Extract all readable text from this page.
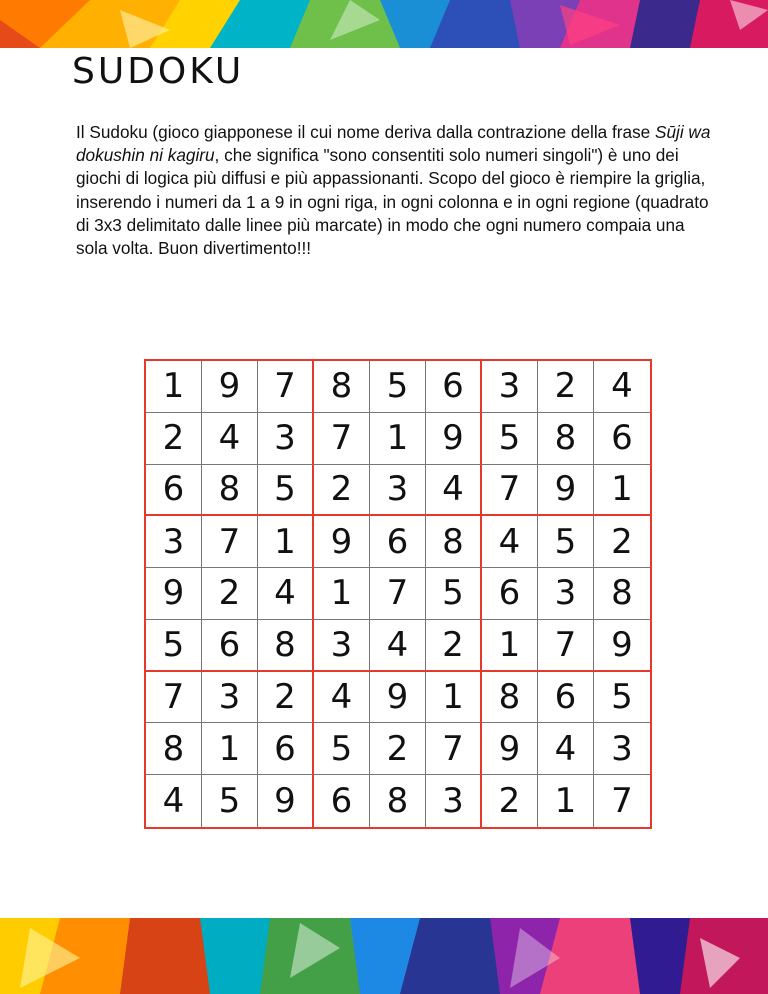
SUDOKU

Il Sudoku (gioco giapponese il cui nome deriva dalla contrazione della frase Sūji wa dokushin ni kagiru, che significa "sono consentiti solo numeri singoli") è uno dei giochi di logica più diffusi e più appassionanti. Scopo del gioco è riempire la griglia, inserendo i numeri da 1 a 9 in ogni riga, in ogni colonna e in ogni regione (quadrato di 3x3 delimitato dalle linee più marcate) in modo che ogni numero compaia una sola volta. Buon divertimento!!!

1	9 7	8	5 6	3	2	4
2	4 3	7	1 9	5	8	6
6	8 5	2	3 4	7	9	1
3	7 1	9	6 8	4	5	2
9	2 4	1	7 5	6	3	8
5	6 8	3	4 2	1	7	9
7	3 2	4	9 1	8	6	5
8	1 6	5	2 7	9	4	3
4	5 9	6	8 3	2	1	7
